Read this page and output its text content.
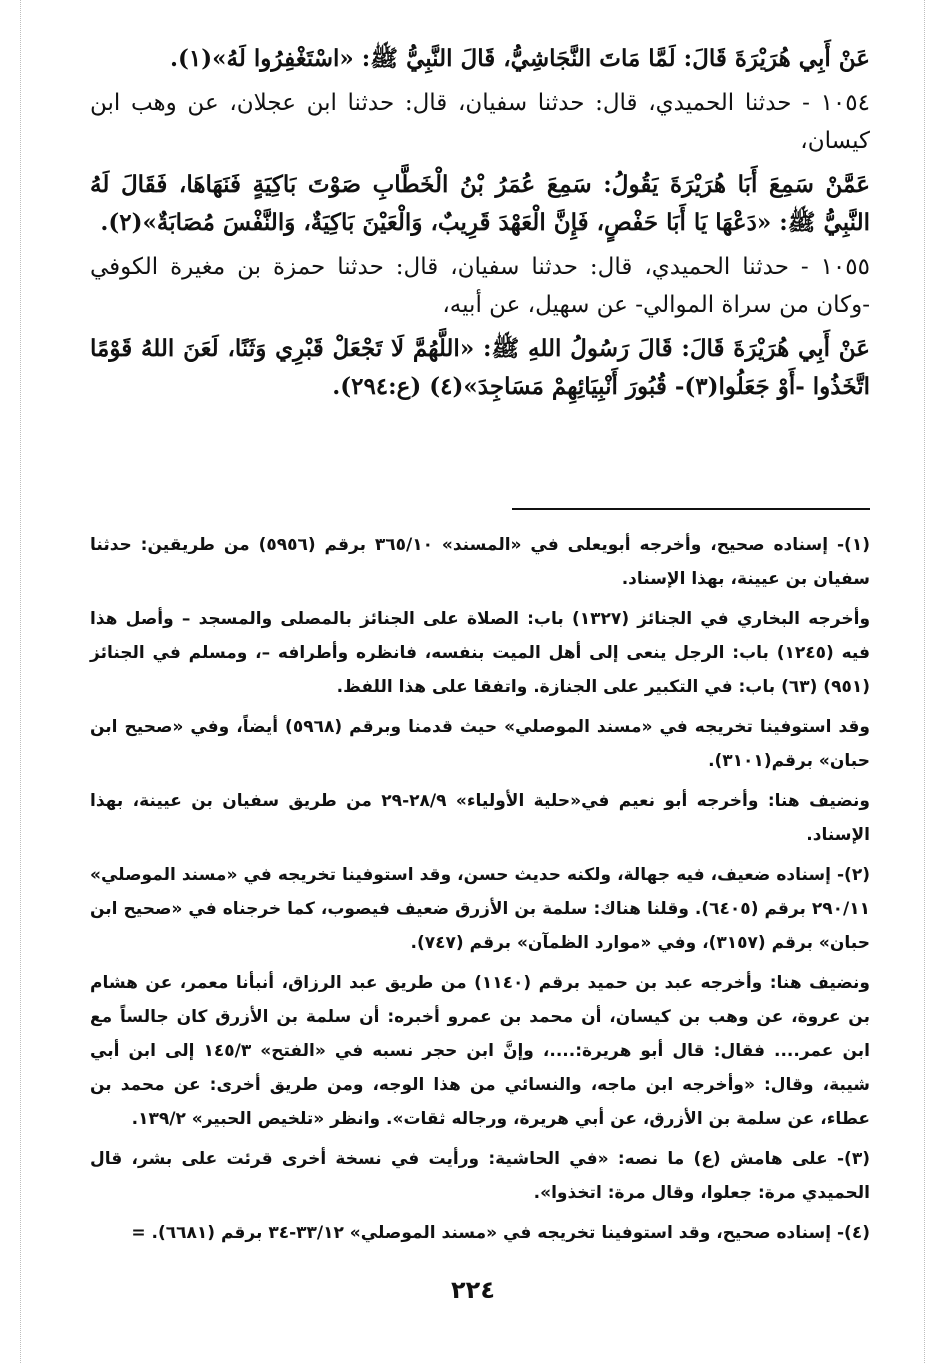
عَنْ أَبِي هُرَيْرَةَ قَالَ: لَمَّا مَاتَ النَّجَاشِيُّ، قَالَ النَّبِيُّ ﷺ: «اسْتَغْفِرُوا لَهُ»(١).

١٠٥٤ - حدثنا الحميدي، قال: حدثنا سفيان، قال: حدثنا ابن عجلان، عن وهب ابن كيسان،

عَمَّنْ سَمِعَ أَبَا هُرَيْرَةَ يَقُولُ: سَمِعَ عُمَرُ بْنُ الْخَطَّابِ صَوْتَ بَاكِيَةٍ فَنَهَاهَا، فَقَالَ لَهُ النَّبِيُّ ﷺ: «دَعْهَا يَا أَبَا حَفْصٍ، فَإِنَّ الْعَهْدَ قَرِيبٌ، وَالْعَيْنَ بَاكِيَةٌ، وَالنَّفْسَ مُصَابَةٌ»(٢).

١٠٥٥ - حدثنا الحميدي، قال: حدثنا سفيان، قال: حدثنا حمزة بن مغيرة الكوفي -وكان من سراة الموالي- عن سهيل، عن أبيه،

عَنْ أَبِي هُرَيْرَةَ قَالَ: قَالَ رَسُولُ اللهِ ﷺ: «اللَّهُمَّ لَا تَجْعَلْ قَبْرِي وَثَنًا، لَعَنَ اللهُ قَوْمًا اتَّخَذُوا -أَوْ جَعَلُوا(٣)- قُبُورَ أَنْبِيَائِهِمْ مَسَاجِدَ»(٤) (ع:٢٩٤).

(١)- إسناده صحيح، وأخرجه أبويعلى في «المسند» ٣٦٥/١٠ برقم (٥٩٥٦) من طريقين: حدثنا سفيان بن عيينة، بهذا الإسناد.

وأخرجه البخاري في الجنائز (١٣٢٧) باب: الصلاة على الجنائز بالمصلى والمسجد – وأصل هذا فيه (١٢٤٥) باب: الرجل ينعى إلى أهل الميت بنفسه، فانظره وأطرافه –، ومسلم في الجنائز (٩٥١) (٦٣) باب: في التكبير على الجنازة. واتفقا على هذا اللفظ.

وقد استوفينا تخريجه في «مسند الموصلي» حيث قدمنا وبرقم (٥٩٦٨) أيضاً، وفي «صحيح ابن حبان» برقم(٣١٠١).

ونضيف هنا: وأخرجه أبو نعيم في«حلية الأولياء» ٢٨/٩-٢٩ من طريق سفيان بن عيينة، بهذا الإسناد.

(٢)- إسناده ضعيف، فيه جهالة، ولكنه حديث حسن، وقد استوفينا تخريجه في «مسند الموصلي» ٢٩٠/١١ برقم (٦٤٠٥). وقلنا هناك: سلمة بن الأزرق ضعيف فيصوب، كما خرجناه في «صحيح ابن حبان» برقم (٣١٥٧)، وفي «موارد الظمآن» برقم (٧٤٧).

ونضيف هنا: وأخرجه عبد بن حميد برقم (١١٤٠) من طريق عبد الرزاق، أنبأنا معمر، عن هشام بن عروة، عن وهب بن كيسان، أن محمد بن عمرو أخبره: أن سلمة بن الأزرق كان جالساً مع ابن عمر.... فقال: قال أبو هريرة:....، وإنَّ ابن حجر نسبه في «الفتح» ١٤٥/٣ إلى ابن أبي شيبة، وقال: «وأخرجه ابن ماجه، والنسائي من هذا الوجه، ومن طريق أخرى: عن محمد بن عطاء، عن سلمة بن الأزرق، عن أبي هريرة، ورجاله ثقات». وانظر «تلخيص الحبير» ١٣٩/٢.

(٣)- على هامش (ع) ما نصه: «في الحاشية: ورأيت في نسخة أخرى قرئت على بشر، قال الحميدي مرة: جعلوا، وقال مرة: اتخذوا».

(٤)- إسناده صحيح، وقد استوفينا تخريجه في «مسند الموصلي» ٣٣/١٢-٣٤ برقم (٦٦٨١). =

٢٢٤
